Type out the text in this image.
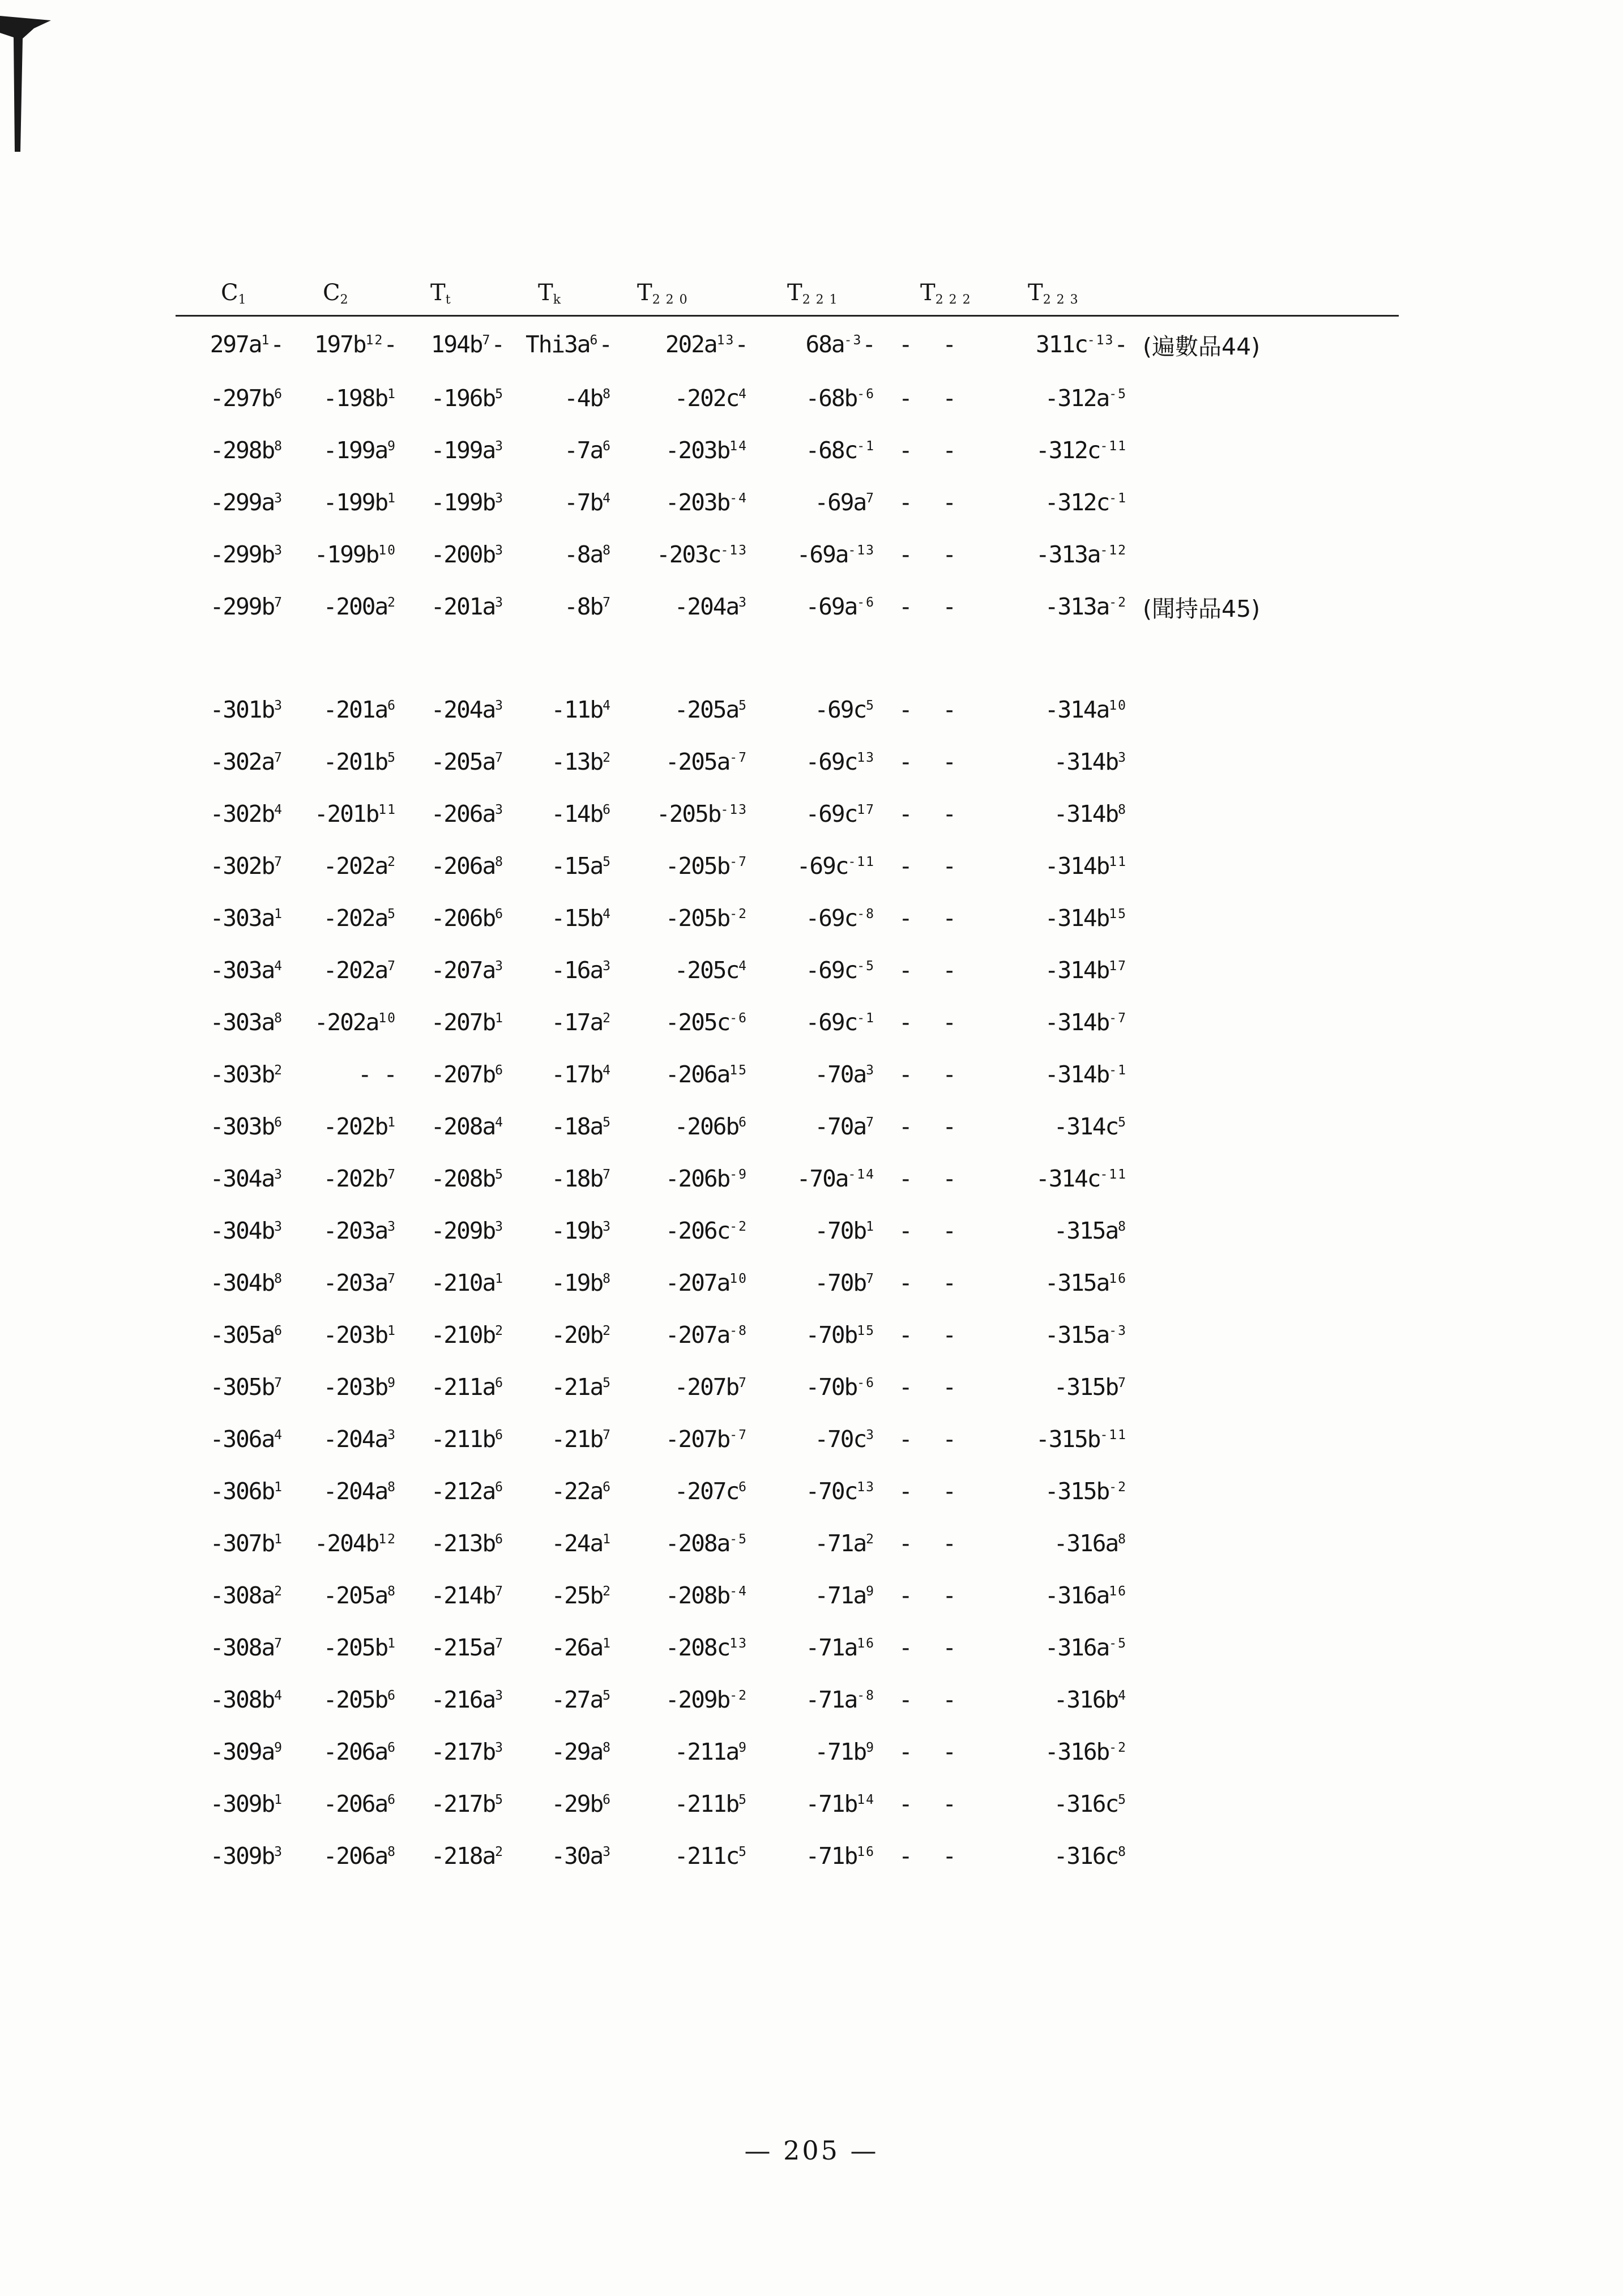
$C_1$	$C_2$	$T_t$	$T_k$	$T_{220}$	$T_{221}$	$T_{222}$	$T_{223}$	
$297a^1-$	$197b^{12}-$	$194b^7-$	$Thi3a^6-$	$202a^{13}-$	$68a^{-3}-$	- -	$311c^{-13}-$	(遍數品44)
$-297b^6$	$-198b^1$	$-196b^5$	$-4b^8$	$-202c^4$	$-68b^{-6}$	- -	$-312a^{-5}$	
$-298b^8$	$-199a^9$	$-199a^3$	$-7a^6$	$-203b^{14}$	$-68c^{-1}$	- -	$-312c^{-11}$	
$-299a^3$	$-199b^1$	$-199b^3$	$-7b^4$	$-203b^{-4}$	$-69a^7$	- -	$-312c^{-1}$	
$-299b^3$	$-199b^{10}$	$-200b^3$	$-8a^8$	$-203c^{-13}$	$-69a^{-13}$	- -	$-313a^{-12}$	
$-299b^7$	$-200a^2$	$-201a^3$	$-8b^7$	$-204a^3$	$-69a^{-6}$	- -	$-313a^{-2}$	(聞持品45)

$-301b^3$	$-201a^6$	$-204a^3$	$-11b^4$	$-205a^5$	$-69c^5$	- -	$-314a^{10}$	
$-302a^7$	$-201b^5$	$-205a^7$	$-13b^2$	$-205a^{-7}$	$-69c^{13}$	- -	$-314b^3$	
$-302b^4$	$-201b^{11}$	$-206a^3$	$-14b^6$	$-205b^{-13}$	$-69c^{17}$	- -	$-314b^8$	
$-302b^7$	$-202a^2$	$-206a^8$	$-15a^5$	$-205b^{-7}$	$-69c^{-11}$	- -	$-314b^{11}$	
$-303a^1$	$-202a^5$	$-206b^6$	$-15b^4$	$-205b^{-2}$	$-69c^{-8}$	- -	$-314b^{15}$	
$-303a^4$	$-202a^7$	$-207a^3$	$-16a^3$	$-205c^4$	$-69c^{-5}$	- -	$-314b^{17}$	
$-303a^8$	$-202a^{10}$	$-207b^1$	$-17a^2$	$-205c^{-6}$	$-69c^{-1}$	- -	$-314b^{-7}$	
$-303b^2$	- -	$-207b^6$	$-17b^4$	$-206a^{15}$	$-70a^3$	- -	$-314b^{-1}$	
$-303b^6$	$-202b^1$	$-208a^4$	$-18a^5$	$-206b^6$	$-70a^7$	- -	$-314c^5$	
$-304a^3$	$-202b^7$	$-208b^5$	$-18b^7$	$-206b^{-9}$	$-70a^{-14}$	- -	$-314c^{-11}$	
$-304b^3$	$-203a^3$	$-209b^3$	$-19b^3$	$-206c^{-2}$	$-70b^1$	- -	$-315a^8$	
$-304b^8$	$-203a^7$	$-210a^1$	$-19b^8$	$-207a^{10}$	$-70b^7$	- -	$-315a^{16}$	
$-305a^6$	$-203b^1$	$-210b^2$	$-20b^2$	$-207a^{-8}$	$-70b^{15}$	- -	$-315a^{-3}$	
$-305b^7$	$-203b^9$	$-211a^6$	$-21a^5$	$-207b^7$	$-70b^{-6}$	- -	$-315b^7$	
$-306a^4$	$-204a^3$	$-211b^6$	$-21b^7$	$-207b^{-7}$	$-70c^3$	- -	$-315b^{-11}$	
$-306b^1$	$-204a^8$	$-212a^6$	$-22a^6$	$-207c^6$	$-70c^{13}$	- -	$-315b^{-2}$	
$-307b^1$	$-204b^{12}$	$-213b^6$	$-24a^1$	$-208a^{-5}$	$-71a^2$	- -	$-316a^8$	
$-308a^2$	$-205a^8$	$-214b^7$	$-25b^2$	$-208b^{-4}$	$-71a^9$	- -	$-316a^{16}$	
$-308a^7$	$-205b^1$	$-215a^7$	$-26a^1$	$-208c^{13}$	$-71a^{16}$	- -	$-316a^{-5}$	
$-308b^4$	$-205b^6$	$-216a^3$	$-27a^5$	$-209b^{-2}$	$-71a^{-8}$	- -	$-316b^4$	
$-309a^9$	$-206a^6$	$-217b^3$	$-29a^8$	$-211a^9$	$-71b^9$	- -	$-316b^{-2}$	
$-309b^1$	$-206a^6$	$-217b^5$	$-29b^6$	$-211b^5$	$-71b^{14}$	- -	$-316c^5$	
$-309b^3$	$-206a^8$	$-218a^2$	$-30a^3$	$-211c^5$	$-71b^{16}$	- -	$-316c^8$	
— 205 —
